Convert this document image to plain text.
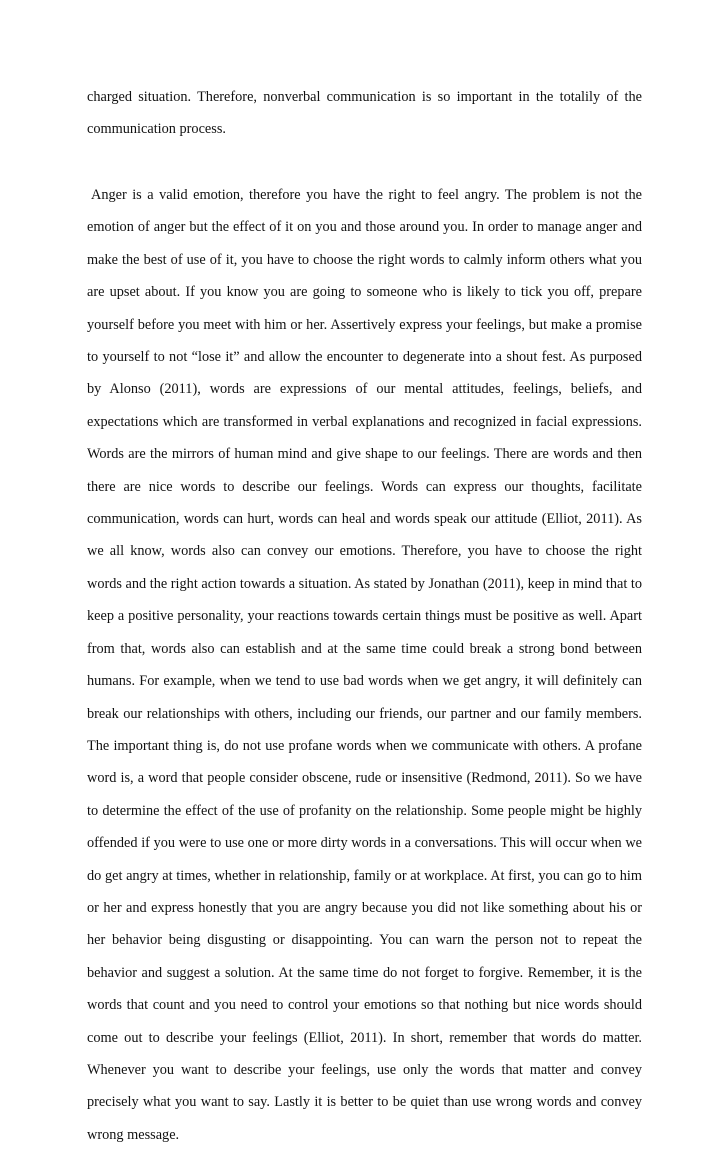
charged situation. Therefore, nonverbal communication is so important in the totalily of the communication process.

Anger is a valid emotion, therefore you have the right to feel angry. The problem is not the emotion of anger but the effect of it on you and those around you. In order to manage anger and make the best of use of it, you have to choose the right words to calmly inform others what you are upset about. If you know you are going to someone who is likely to tick you off, prepare yourself before you meet with him or her. Assertively express your feelings, but make a promise to yourself to not “lose it” and allow the encounter to degenerate into a shout fest. As purposed by Alonso (2011), words are expressions of our mental attitudes, feelings, beliefs, and expectations which are transformed in verbal explanations and recognized in facial expressions. Words are the mirrors of human mind and give shape to our feelings. There are words and then there are nice words to describe our feelings. Words can express our thoughts, facilitate communication, words can hurt, words can heal and words speak our attitude (Elliot, 2011). As we all know, words also can convey our emotions. Therefore, you have to choose the right words and the right action towards a situation. As stated by Jonathan (2011), keep in mind that to keep a positive personality, your reactions towards certain things must be positive as well. Apart from that, words also can establish and at the same time could break a strong bond between humans. For example, when we tend to use bad words when we get angry, it will definitely can break our relationships with others, including our friends, our partner and our family members. The important thing is, do not use profane words when we communicate with others. A profane word is, a word that people consider obscene, rude or insensitive (Redmond, 2011). So we have to determine the effect of the use of profanity on the relationship. Some people might be highly offended if you were to use one or more dirty words in a conversations. This will occur when we do get angry at times, whether in relationship, family or at workplace. At first, you can go to him or her and express honestly that you are angry because you did not like something about his or her behavior being disgusting or disappointing. You can warn the person not to repeat the behavior and suggest a solution. At the same time do not forget to forgive. Remember, it is the words that count and you need to control your emotions so that nothing but nice words should come out to describe your feelings (Elliot, 2011). In short, remember that words do matter. Whenever you want to describe your feelings, use only the words that matter and convey precisely what you want to say. Lastly it is better to be quiet than use wrong words and convey wrong message.
